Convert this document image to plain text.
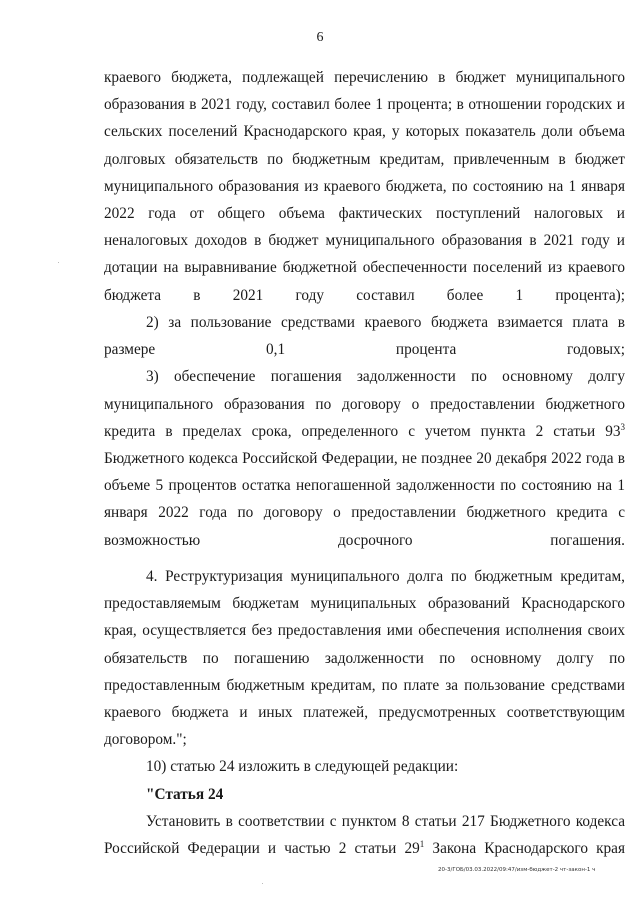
6

краевого бюджета, подлежащей перечислению в бюджет муниципального образования в 2021 году, составил более 1 процента; в отношении городских и сельских поселений Краснодарского края, у которых показатель доли объема долговых обязательств по бюджетным кредитам, привлеченным в бюджет муниципального образования из краевого бюджета, по состоянию на 1 января 2022 года от общего объема фактических поступлений налоговых и неналоговых доходов в бюджет муниципального образования в 2021 году и дотации на выравнивание бюджетной обеспеченности поселений из краевого бюджета в 2021 году составил более 1 процента);

2) за пользование средствами краевого бюджета взимается плата в размере 0,1 процента годовых;

3) обеспечение погашения задолженности по основному долгу муниципального образования по договору о предоставлении бюджетного кредита в пределах срока, определенного с учетом пункта 2 статьи $93^3$ Бюджетного кодекса Российской Федерации, не позднее 20 декабря 2022 года в объеме 5 процентов остатка непогашенной задолженности по состоянию на 1 января 2022 года по договору о предоставлении бюджетного кредита с возможностью досрочного погашения.

4. Реструктуризация муниципального долга по бюджетным кредитам, предоставляемым бюджетам муниципальных образований Краснодарского края, осуществляется без предоставления ими обеспечения исполнения своих обязательств по погашению задолженности по основному долгу по предоставленным бюджетным кредитам, по плате за пользование средствами краевого бюджета и иных платежей, предусмотренных соответствующим договором.";

10) статью 24 изложить в следующей редакции:

"Статья 24

Установить в соответствии с пунктом 8 статьи 217 Бюджетного кодекса Российской Федерации и частью 2 статьи $29^1$ Закона Краснодарского края

20-3/ГОБ/03.03.2022/09:47/изм-бюджет-2 чт-закон-1 ч
